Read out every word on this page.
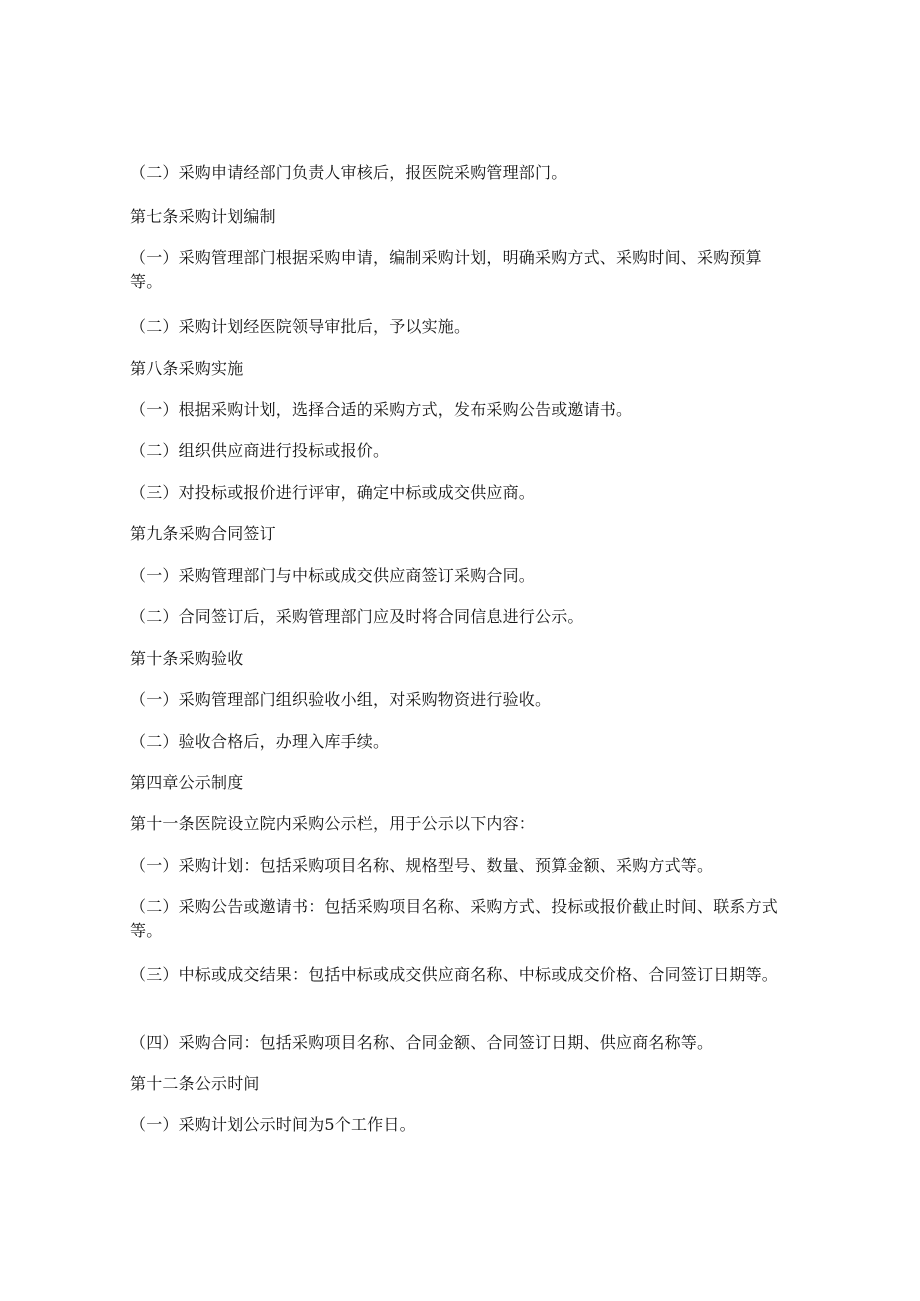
（二）采购申请经部门负责人审核后，报医院采购管理部门。

第七条采购计划编制

（一）采购管理部门根据采购申请，编制采购计划，明确采购方式、采购时间、采购预算等。

（二）采购计划经医院领导审批后，予以实施。

第八条采购实施

（一）根据采购计划，选择合适的采购方式，发布采购公告或邀请书。

（二）组织供应商进行投标或报价。

（三）对投标或报价进行评审，确定中标或成交供应商。

第九条采购合同签订

（一）采购管理部门与中标或成交供应商签订采购合同。

（二）合同签订后，采购管理部门应及时将合同信息进行公示。

第十条采购验收

（一）采购管理部门组织验收小组，对采购物资进行验收。

（二）验收合格后，办理入库手续。

第四章公示制度

第十一条医院设立院内采购公示栏，用于公示以下内容：

（一）采购计划：包括采购项目名称、规格型号、数量、预算金额、采购方式等。

（二）采购公告或邀请书：包括采购项目名称、采购方式、投标或报价截止时间、联系方式等。

（三）中标或成交结果：包括中标或成交供应商名称、中标或成交价格、合同签订日期等。

（四）采购合同：包括采购项目名称、合同金额、合同签订日期、供应商名称等。

第十二条公示时间

（一）采购计划公示时间为5个工作日。
